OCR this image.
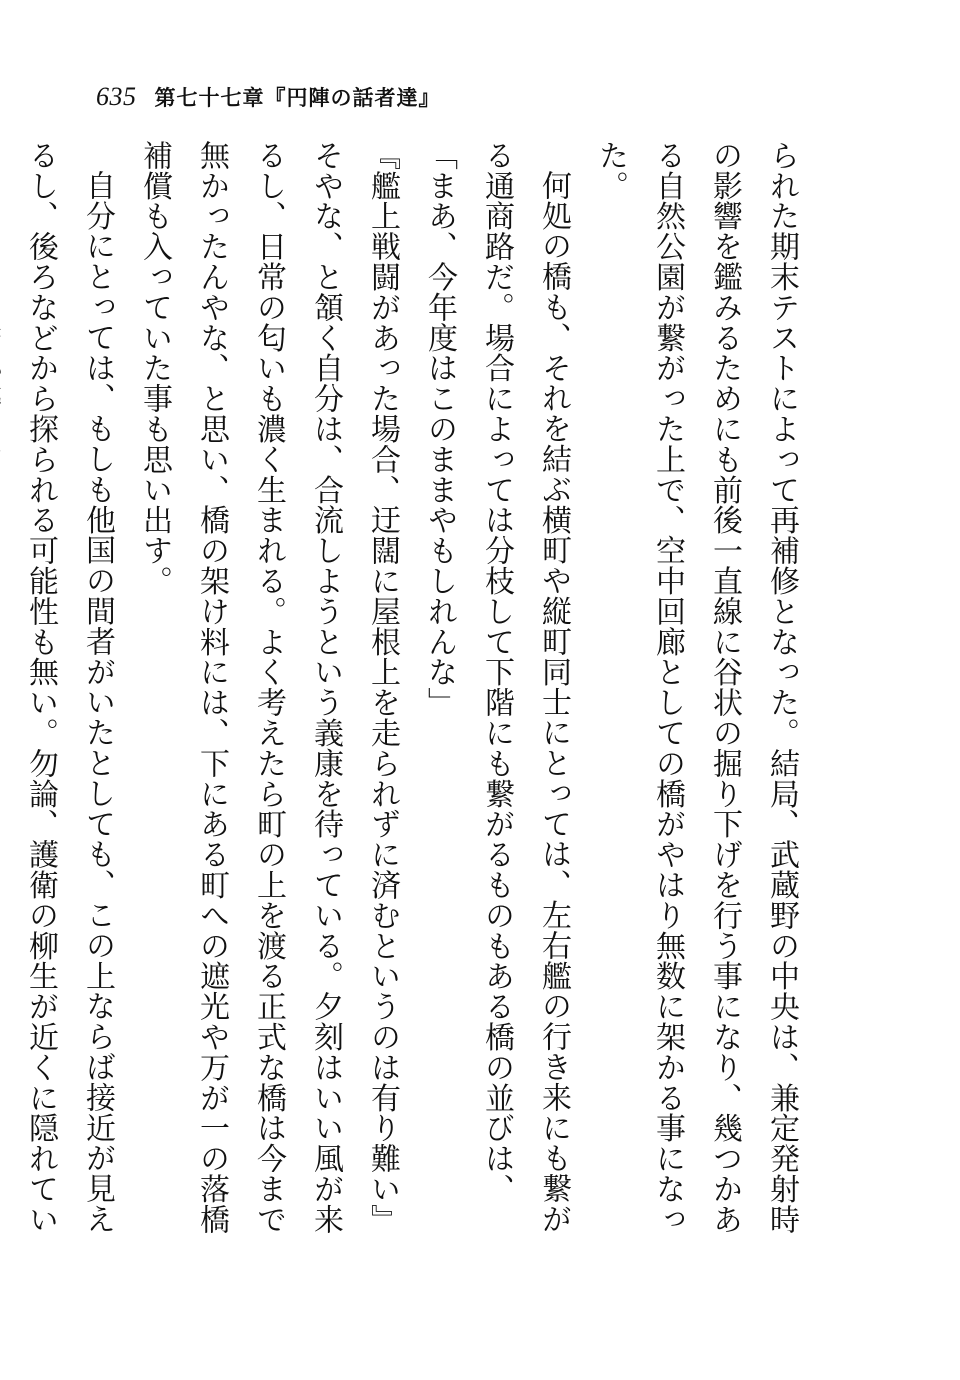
635 第七十七章『円陣の話者達』

られた期末テストによって再補修となった。結局、武蔵野の中央は、兼定発射時の影響を鑑みるためにも前後一直線に谷状の掘り下げを行う事になり、幾つかある自然公園が繋がった上で、空中回廊としての橋がやはり無数に架かる事になった。

何処の橋も、それを結ぶ横町や縦町同士にとっては、左右艦の行き来にも繋がる通商路だ。場合によっては分枝して下階にも繋がるものもある橋の並びは、

「まあ、今年度はこのままやもしれんな」

『艦上戦闘があった場合、迂闊に屋根上を走られずに済むというのは有り難い』

そやな、と頷く自分は、合流しようという義康を待っている。夕刻はいい風が来るし、日常の匂いも濃く生まれる。よく考えたら町の上を渡る正式な橋は今まで無かったんやな、と思い、橋の架け料には、下にある町への遮光や万が一の落橋補償も入っていた事も思い出す。

自分にとっては、もしも他国の間者がいたとしても、この上ならば接近が見えるし、後ろなどから探られる可能性も無い。勿論、護衛の柳生が近くに隠れてい
